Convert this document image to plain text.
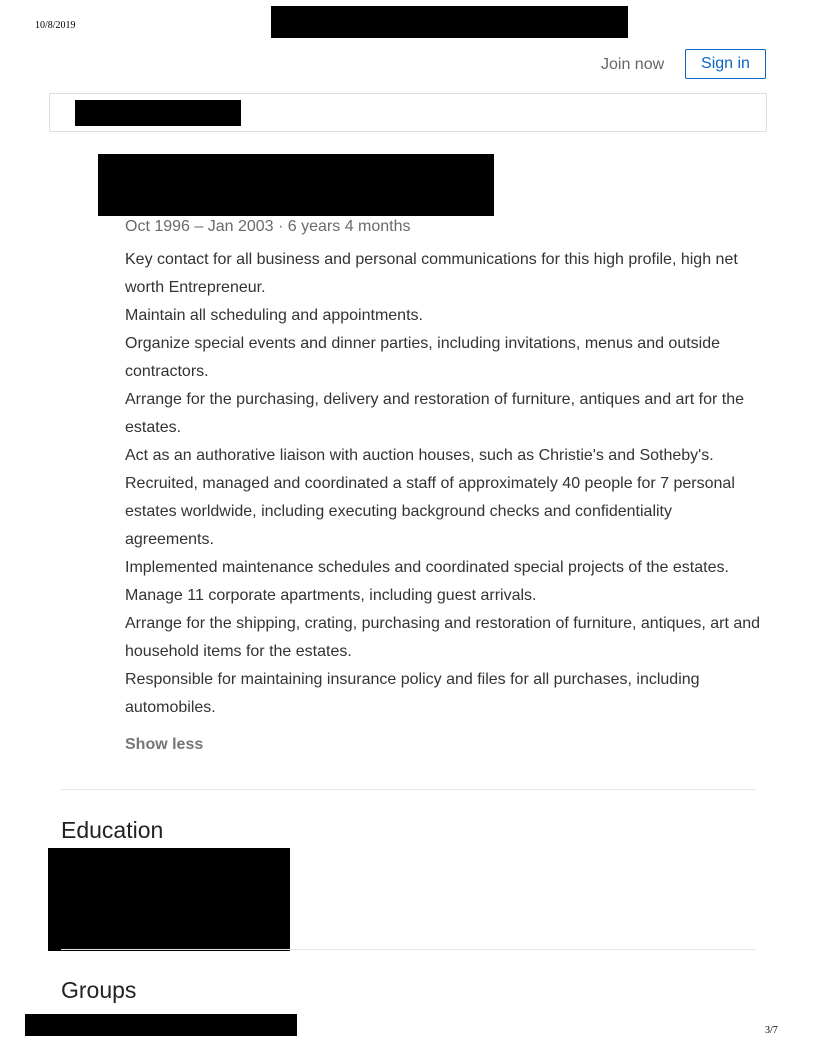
10/8/2019
Join now	Sign in
Oct 1996 – Jan 2003 · 6 years 4 months
Key contact for all business and personal communications for this high profile, high net worth Entrepreneur.
Maintain all scheduling and appointments.
Organize special events and dinner parties, including invitations, menus and outside contractors.
Arrange for the purchasing, delivery and restoration of furniture, antiques and art for the estates.
Act as an authorative liaison with auction houses, such as Christie's and Sotheby's.
Recruited, managed and coordinated a staff of approximately 40 people for 7 personal estates worldwide, including executing background checks and confidentiality agreements.
Implemented maintenance schedules and coordinated special projects of the estates.
Manage 11 corporate apartments, including guest arrivals.
Arrange for the shipping, crating, purchasing and restoration of furniture, antiques, art and household items for the estates.
Responsible for maintaining insurance policy and files for all purchases, including automobiles.
Show less
Education
Groups
3/7
